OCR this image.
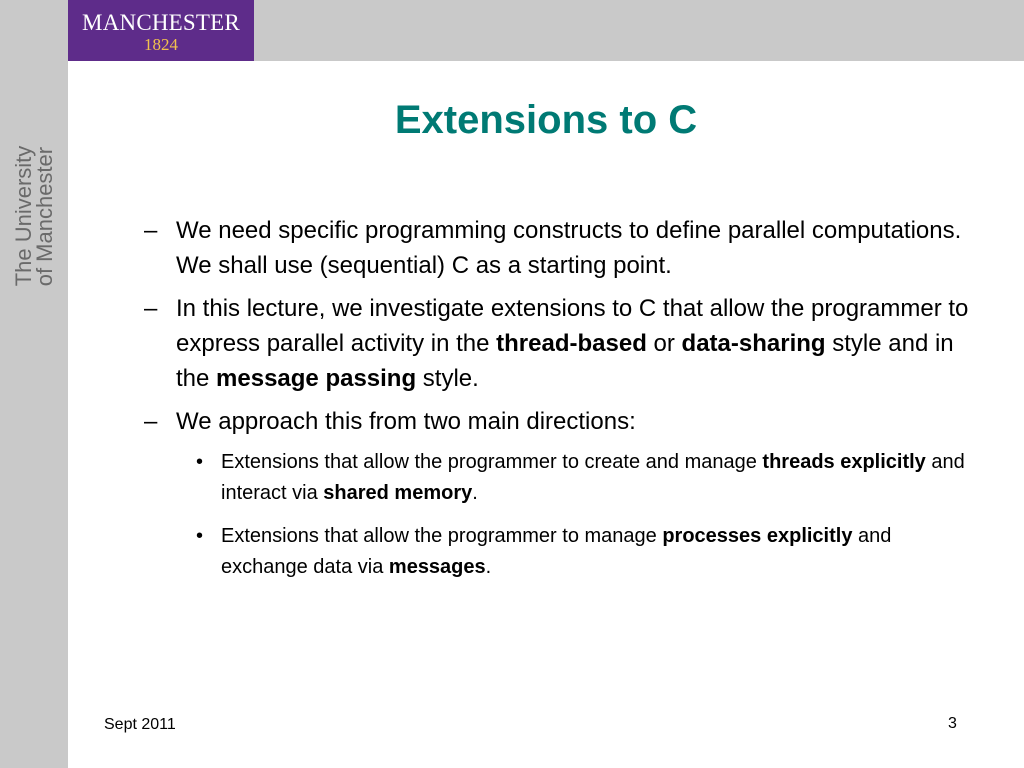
MANCHESTER
1824
The University
of Manchester
Extensions to C
– We need specific programming constructs to define parallel computations. We shall use (sequential) C as a starting point.
– In this lecture, we investigate extensions to C that allow the programmer to express parallel activity in the thread-based or data-sharing style and in the message passing style.
– We approach this from two main directions:
• Extensions that allow the programmer to create and manage threads explicitly and interact via shared memory.
• Extensions that allow the programmer to manage processes explicitly and exchange data via messages.
Sept 2011	3
